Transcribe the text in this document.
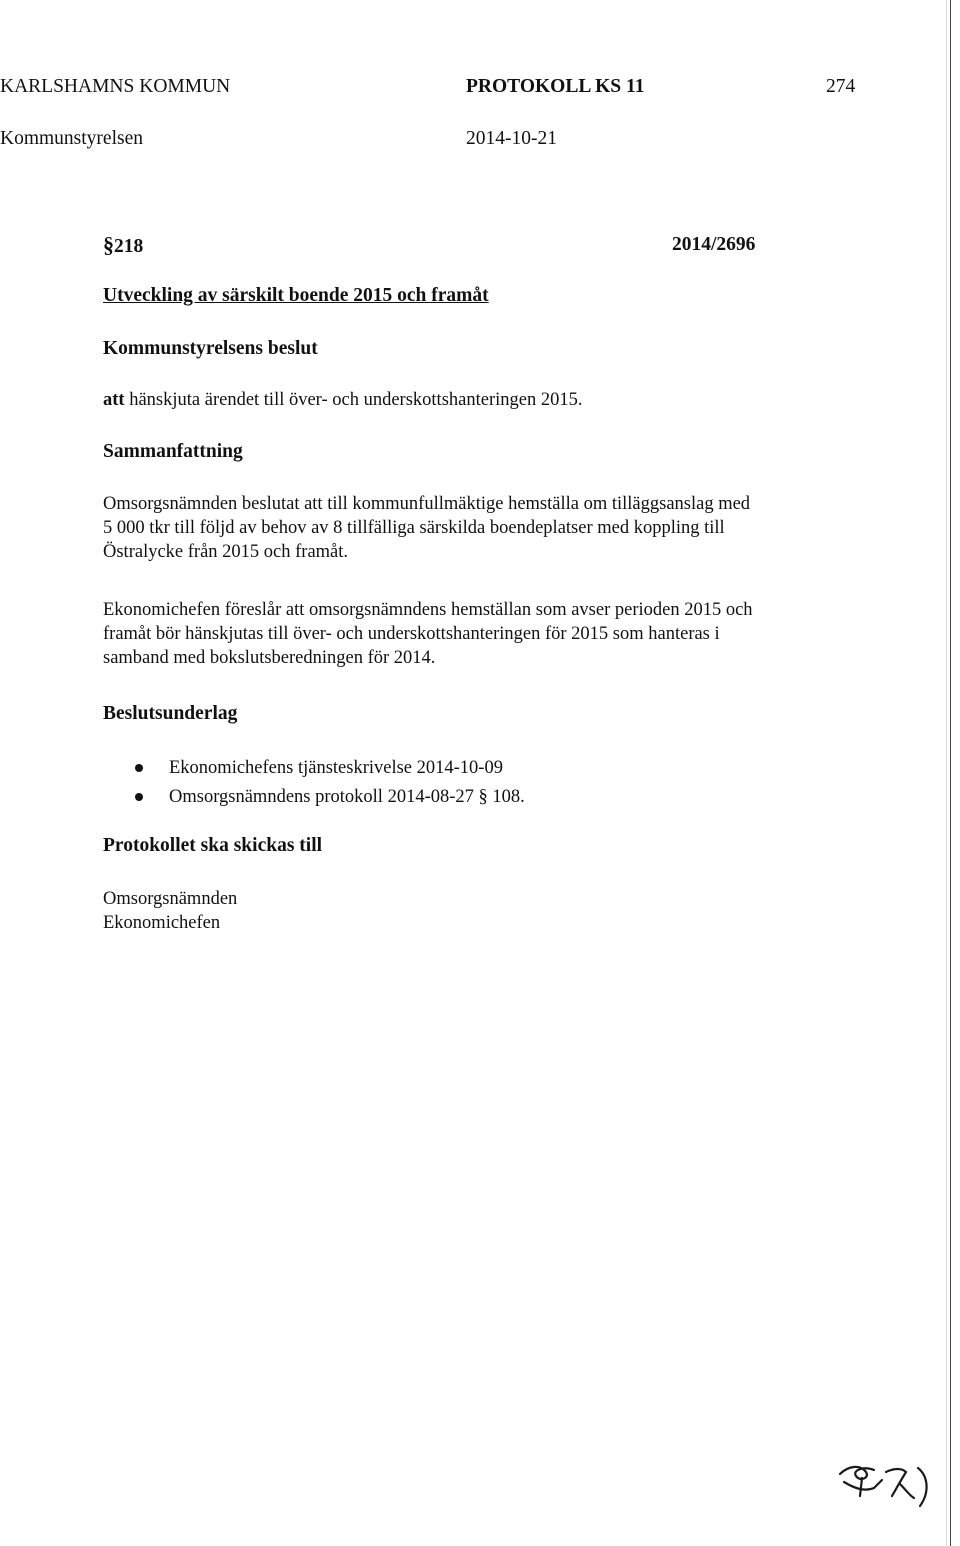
KARLSHAMNS KOMMUN	PROTOKOLL KS 11	274
Kommunstyrelsen	2014-10-21
§218	2014/2696
Utveckling av särskilt boende 2015 och framåt
Kommunstyrelsens beslut
att hänskjuta ärendet till över- och underskottshanteringen 2015.
Sammanfattning
Omsorgsnämnden beslutat att till kommunfullmäktige hemställa om tilläggsanslag med
5 000 tkr till följd av behov av 8 tillfälliga särskilda boendeplatser med koppling till
Östralycke från 2015 och framåt.
Ekonomichefen föreslår att omsorgsnämndens hemställan som avser perioden 2015 och
framåt bör hänskjutas till över- och underskottshanteringen för 2015 som hanteras i
samband med bokslutsberedningen för 2014.
Beslutsunderlag
Ekonomichefens tjänsteskrivelse 2014-10-09
Omsorgsnämndens protokoll 2014-08-27 § 108.
Protokollet ska skickas till
Omsorgsnämnden
Ekonomichefen
